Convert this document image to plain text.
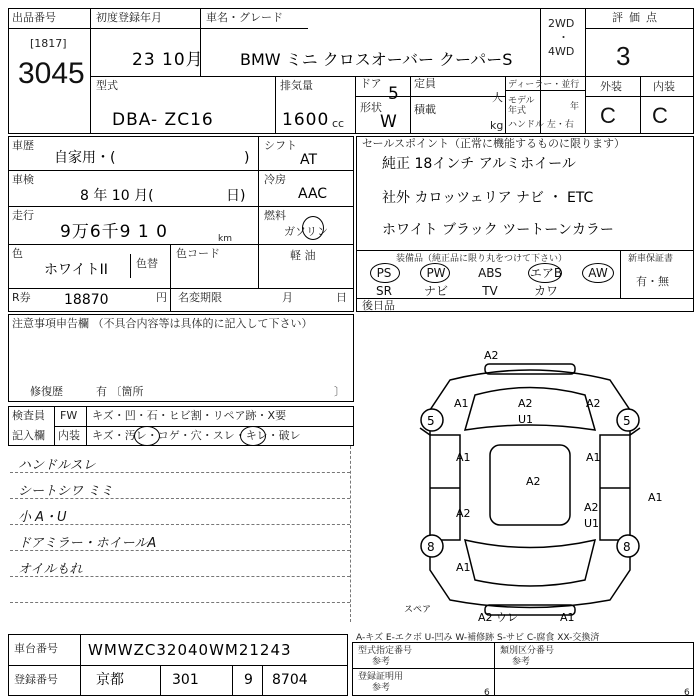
出品番号
[1817]
3045
初度登録年月
23 10月
車名・グレード
BMW ミニ クロスオーバー クーパーS
2WD
・
4WD
評価点
3
型式
DBA- ZC16
排気量
1600 cc
ドア
5
形状
W
定員
人
積載
kg
ディーラー・並行
モデル年式	年
ハンドル 左・右
外装	内装
C C
車歴
自家用・(	)
車検
8 年 10 月(	日)
走行
9万6千9 1 0	km
色
ホワイトII	色替
色コード
シフト
AT
冷房
AAC
燃料
ガソリン
軽 油
R券 18870	円 名変期限	月	日
セールスポイント（正常に機能するものに限ります）
純正 18インチ アルミホイール
社外 カロッツェリア ナビ ・ ETC
ホワイト ブラック ツートーンカラー
装備品（純正品に限り丸をつけて下さい）	新車保証書
有・無
PS	PW	ABS	エアB	AW
SR	ナビ	TV	カワ
後日品
注意事項申告欄 （不具合内容等は具体的に記入して下さい）
修復歴	有 〔箇所	〕
検査員
記入欄
FW キズ・凹・石・ヒビ割・リペア跡・X要
内装 キズ・汚レ・コゲ・穴・スレ・キレ・破レ
ハンドルスレ
シートシワ ミミ
小 A・U
ドアミラー・ホイールA
オイルもれ
A2
A1	A2
A2 U1
A2
5	5
A1	A1
A1
A2	A2
U1
A1
8	8
A2 ウレ	A1
スペア
A-キズ E-エクボ U-凹み W-補修跡 S-サビ C-腐食 XX-交換済
車台番号 WMWZC32040WM21243
登録番号	京都	301	9 8704
型式指定番号
参考
類別区分番号
参考
登録証明用
参考	6	6
